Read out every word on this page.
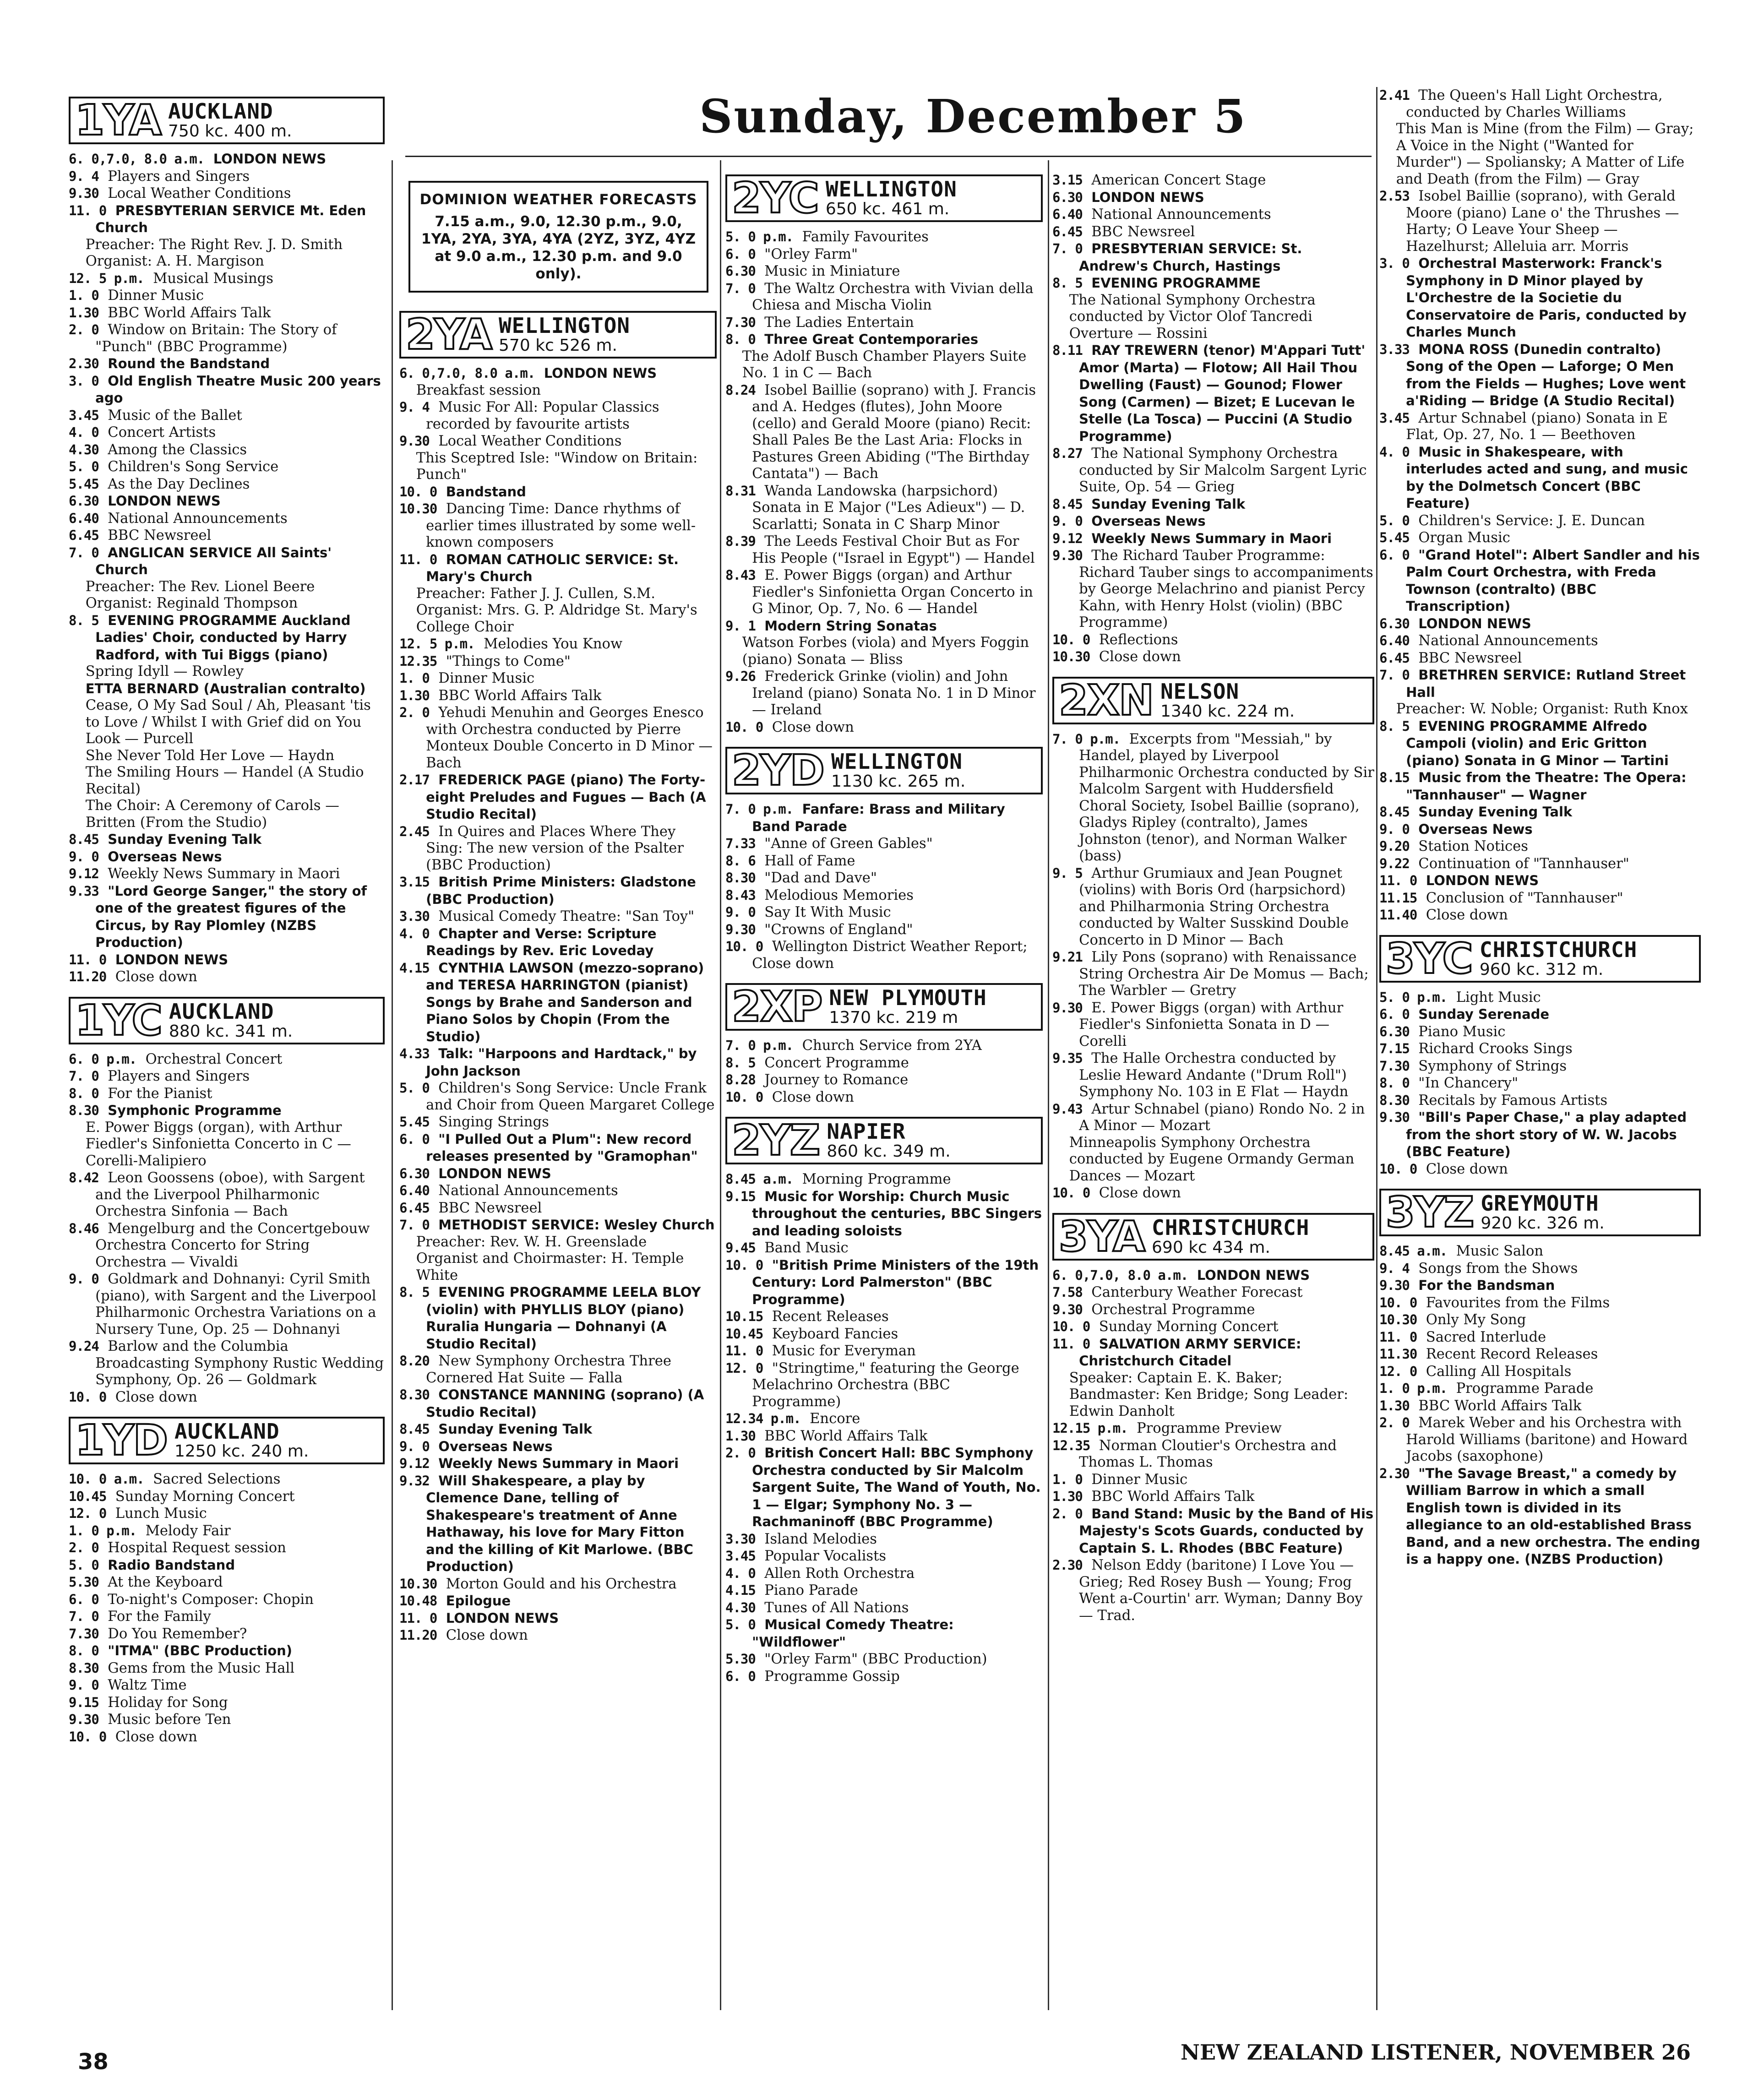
Sunday, December 5
1YA AUCKLAND
750 kc. 400 m.

6. 0,7.0, 8.0 a.m. LONDON NEWS

9. 4 Players and Singers

9.30 Local Weather Conditions

11. 0 PRESBYTERIAN SERVICE Mt. Eden Church

Preacher: The Right Rev. J. D. Smith

Organist: A. H. Margison

12. 5 p.m. Musical Musings

1. 0 Dinner Music

1.30 BBC World Affairs Talk

2. 0 Window on Britain: The Story of "Punch" (BBC Programme)

2.30 Round the Bandstand

3. 0 Old English Theatre Music 200 years ago

3.45 Music of the Ballet

4. 0 Concert Artists

4.30 Among the Classics

5. 0 Children's Song Service

5.45 As the Day Declines

6.30 LONDON NEWS

6.40 National Announcements

6.45 BBC Newsreel

7. 0 ANGLICAN SERVICE All Saints' Church

Preacher: The Rev. Lionel Beere

Organist: Reginald Thompson

8. 5 EVENING PROGRAMME Auckland Ladies' Choir, conducted by Harry Radford, with Tui Biggs (piano)

Spring Idyll — Rowley

ETTA BERNARD (Australian contralto)

Cease, O My Sad Soul / Ah, Pleasant 'tis to Love / Whilst I with Grief did on You Look — Purcell

She Never Told Her Love — Haydn

The Smiling Hours — Handel (A Studio Recital)

The Choir: A Ceremony of Carols — Britten (From the Studio)

8.45 Sunday Evening Talk

9. 0 Overseas News

9.12 Weekly News Summary in Maori

9.33 "Lord George Sanger," the story of one of the greatest figures of the Circus, by Ray Plomley (NZBS Production)

11. 0 LONDON NEWS

11.20 Close down

1YC AUCKLAND
880 kc. 341 m.

6. 0 p.m. Orchestral Concert

7. 0 Players and Singers

8. 0 For the Pianist

8.30 Symphonic Programme

E. Power Biggs (organ), with Arthur Fiedler's Sinfonietta Concerto in C — Corelli-Malipiero

8.42 Leon Goossens (oboe), with Sargent and the Liverpool Philharmonic Orchestra Sinfonia — Bach

8.46 Mengelburg and the Concertgebouw Orchestra Concerto for String Orchestra — Vivaldi

9. 0 Goldmark and Dohnanyi: Cyril Smith (piano), with Sargent and the Liverpool Philharmonic Orchestra Variations on a Nursery Tune, Op. 25 — Dohnanyi

9.24 Barlow and the Columbia Broadcasting Symphony Rustic Wedding Symphony, Op. 26 — Goldmark

10. 0 Close down

1YD AUCKLAND
1250 kc. 240 m.

10. 0 a.m. Sacred Selections

10.45 Sunday Morning Concert

12. 0 Lunch Music

1. 0 p.m. Melody Fair

2. 0 Hospital Request session

5. 0 Radio Bandstand

5.30 At the Keyboard

6. 0 To-night's Composer: Chopin

7. 0 For the Family

7.30 Do You Remember?

8. 0 "ITMA" (BBC Production)

8.30 Gems from the Music Hall

9. 0 Waltz Time

9.15 Holiday for Song

9.30 Music before Ten

10. 0 Close down

DOMINION WEATHER FORECASTS
7.15 a.m., 9.0, 12.30 p.m., 9.0, 1YA, 2YA, 3YA, 4YA (2YZ, 3YZ, 4YZ at 9.0 a.m., 12.30 p.m. and 9.0 only).
2YA WELLINGTON
570 kc 526 m.

6. 0,7.0, 8.0 a.m. LONDON NEWS

Breakfast session

9. 4 Music For All: Popular Classics recorded by favourite artists

9.30 Local Weather Conditions

This Sceptred Isle: "Window on Britain: Punch"

10. 0 Bandstand

10.30 Dancing Time: Dance rhythms of earlier times illustrated by some well-known composers

11. 0 ROMAN CATHOLIC SERVICE: St. Mary's Church

Preacher: Father J. J. Cullen, S.M.

Organist: Mrs. G. P. Aldridge St. Mary's College Choir

12. 5 p.m. Melodies You Know

12.35 "Things to Come"

1. 0 Dinner Music

1.30 BBC World Affairs Talk

2. 0 Yehudi Menuhin and Georges Enesco with Orchestra conducted by Pierre Monteux Double Concerto in D Minor — Bach

2.17 FREDERICK PAGE (piano) The Forty-eight Preludes and Fugues — Bach (A Studio Recital)

2.45 In Quires and Places Where They Sing: The new version of the Psalter (BBC Production)

3.15 British Prime Ministers: Gladstone (BBC Production)

3.30 Musical Comedy Theatre: "San Toy"

4. 0 Chapter and Verse: Scripture Readings by Rev. Eric Loveday

4.15 CYNTHIA LAWSON (mezzo-soprano) and TERESA HARRINGTON (pianist) Songs by Brahe and Sanderson and Piano Solos by Chopin (From the Studio)

4.33 Talk: "Harpoons and Hardtack," by John Jackson

5. 0 Children's Song Service: Uncle Frank and Choir from Queen Margaret College

5.45 Singing Strings

6. 0 "I Pulled Out a Plum": New record releases presented by "Gramophan"

6.30 LONDON NEWS

6.40 National Announcements

6.45 BBC Newsreel

7. 0 METHODIST SERVICE: Wesley Church

Preacher: Rev. W. H. Greenslade

Organist and Choirmaster: H. Temple White

8. 5 EVENING PROGRAMME LEELA BLOY (violin) with PHYLLIS BLOY (piano) Ruralia Hungaria — Dohnanyi (A Studio Recital)

8.20 New Symphony Orchestra Three Cornered Hat Suite — Falla

8.30 CONSTANCE MANNING (soprano) (A Studio Recital)

8.45 Sunday Evening Talk

9. 0 Overseas News

9.12 Weekly News Summary in Maori

9.32 Will Shakespeare, a play by Clemence Dane, telling of Shakespeare's treatment of Anne Hathaway, his love for Mary Fitton and the killing of Kit Marlowe. (BBC Production)

10.30 Morton Gould and his Orchestra

10.48 Epilogue

11. 0 LONDON NEWS

11.20 Close down

2YC WELLINGTON
650 kc. 461 m.

5. 0 p.m. Family Favourites

6. 0 "Orley Farm"

6.30 Music in Miniature

7. 0 The Waltz Orchestra with Vivian della Chiesa and Mischa Violin

7.30 The Ladies Entertain

8. 0 Three Great Contemporaries

The Adolf Busch Chamber Players Suite No. 1 in C — Bach

8.24 Isobel Baillie (soprano) with J. Francis and A. Hedges (flutes), John Moore (cello) and Gerald Moore (piano) Recit: Shall Pales Be the Last Aria: Flocks in Pastures Green Abiding ("The Birthday Cantata") — Bach

8.31 Wanda Landowska (harpsichord) Sonata in E Major ("Les Adieux") — D. Scarlatti; Sonata in C Sharp Minor

8.39 The Leeds Festival Choir But as For His People ("Israel in Egypt") — Handel

8.43 E. Power Biggs (organ) and Arthur Fiedler's Sinfonietta Organ Concerto in G Minor, Op. 7, No. 6 — Handel

9. 1 Modern String Sonatas

Watson Forbes (viola) and Myers Foggin (piano) Sonata — Bliss

9.26 Frederick Grinke (violin) and John Ireland (piano) Sonata No. 1 in D Minor — Ireland

10. 0 Close down

2YD WELLINGTON
1130 kc. 265 m.

7. 0 p.m. Fanfare: Brass and Military Band Parade

7.33 "Anne of Green Gables"

8. 6 Hall of Fame

8.30 "Dad and Dave"

8.43 Melodious Memories

9. 0 Say It With Music

9.30 "Crowns of England"

10. 0 Wellington District Weather Report; Close down

2XP NEW PLYMOUTH
1370 kc. 219 m

7. 0 p.m. Church Service from 2YA

8. 5 Concert Programme

8.28 Journey to Romance

10. 0 Close down

2YZ NAPIER
860 kc. 349 m.

8.45 a.m. Morning Programme

9.15 Music for Worship: Church Music throughout the centuries, BBC Singers and leading soloists

9.45 Band Music

10. 0 "British Prime Ministers of the 19th Century: Lord Palmerston" (BBC Programme)

10.15 Recent Releases

10.45 Keyboard Fancies

11. 0 Music for Everyman

12. 0 "Stringtime," featuring the George Melachrino Orchestra (BBC Programme)

12.34 p.m. Encore

1.30 BBC World Affairs Talk

2. 0 British Concert Hall: BBC Symphony Orchestra conducted by Sir Malcolm Sargent Suite, The Wand of Youth, No. 1 — Elgar; Symphony No. 3 — Rachmaninoff (BBC Programme)

3.30 Island Melodies

3.45 Popular Vocalists

4. 0 Allen Roth Orchestra

4.15 Piano Parade

4.30 Tunes of All Nations

5. 0 Musical Comedy Theatre: "Wildflower"

5.30 "Orley Farm" (BBC Production)

6. 0 Programme Gossip

3.15 American Concert Stage

6.30 LONDON NEWS

6.40 National Announcements

6.45 BBC Newsreel

7. 0 PRESBYTERIAN SERVICE: St. Andrew's Church, Hastings

8. 5 EVENING PROGRAMME

The National Symphony Orchestra conducted by Victor Olof Tancredi Overture — Rossini

8.11 RAY TREWERN (tenor) M'Appari Tutt' Amor (Marta) — Flotow; All Hail Thou Dwelling (Faust) — Gounod; Flower Song (Carmen) — Bizet; E Lucevan le Stelle (La Tosca) — Puccini (A Studio Programme)

8.27 The National Symphony Orchestra conducted by Sir Malcolm Sargent Lyric Suite, Op. 54 — Grieg

8.45 Sunday Evening Talk

9. 0 Overseas News

9.12 Weekly News Summary in Maori

9.30 The Richard Tauber Programme: Richard Tauber sings to accompaniments by George Melachrino and pianist Percy Kahn, with Henry Holst (violin) (BBC Programme)

10. 0 Reflections

10.30 Close down

2XN NELSON
1340 kc. 224 m.

7. 0 p.m. Excerpts from "Messiah," by Handel, played by Liverpool Philharmonic Orchestra conducted by Sir Malcolm Sargent with Huddersfield Choral Society, Isobel Baillie (soprano), Gladys Ripley (contralto), James Johnston (tenor), and Norman Walker (bass)

9. 5 Arthur Grumiaux and Jean Pougnet (violins) with Boris Ord (harpsichord) and Philharmonia String Orchestra conducted by Walter Susskind Double Concerto in D Minor — Bach

9.21 Lily Pons (soprano) with Renaissance String Orchestra Air De Momus — Bach; The Warbler — Gretry

9.30 E. Power Biggs (organ) with Arthur Fiedler's Sinfonietta Sonata in D — Corelli

9.35 The Halle Orchestra conducted by Leslie Heward Andante ("Drum Roll") Symphony No. 103 in E Flat — Haydn

9.43 Artur Schnabel (piano) Rondo No. 2 in A Minor — Mozart

Minneapolis Symphony Orchestra conducted by Eugene Ormandy German Dances — Mozart

10. 0 Close down

3YA CHRISTCHURCH
690 kc 434 m.

6. 0,7.0, 8.0 a.m. LONDON NEWS

7.58 Canterbury Weather Forecast

9.30 Orchestral Programme

10. 0 Sunday Morning Concert

11. 0 SALVATION ARMY SERVICE: Christchurch Citadel

Speaker: Captain E. K. Baker; Bandmaster: Ken Bridge; Song Leader: Edwin Danholt

12.15 p.m. Programme Preview

12.35 Norman Cloutier's Orchestra and Thomas L. Thomas

1. 0 Dinner Music

1.30 BBC World Affairs Talk

2. 0 Band Stand: Music by the Band of His Majesty's Scots Guards, conducted by Captain S. L. Rhodes (BBC Feature)

2.30 Nelson Eddy (baritone) I Love You — Grieg; Red Rosey Bush — Young; Frog Went a-Courtin' arr. Wyman; Danny Boy — Trad.

2.41 The Queen's Hall Light Orchestra, conducted by Charles Williams

This Man is Mine (from the Film) — Gray; A Voice in the Night ("Wanted for Murder") — Spoliansky; A Matter of Life and Death (from the Film) — Gray

2.53 Isobel Baillie (soprano), with Gerald Moore (piano) Lane o' the Thrushes — Harty; O Leave Your Sheep — Hazelhurst; Alleluia arr. Morris

3. 0 Orchestral Masterwork: Franck's Symphony in D Minor played by L'Orchestre de la Societie du Conservatoire de Paris, conducted by Charles Munch

3.33 MONA ROSS (Dunedin contralto) Song of the Open — Laforge; O Men from the Fields — Hughes; Love went a'Riding — Bridge (A Studio Recital)

3.45 Artur Schnabel (piano) Sonata in E Flat, Op. 27, No. 1 — Beethoven

4. 0 Music in Shakespeare, with interludes acted and sung, and music by the Dolmetsch Concert (BBC Feature)

5. 0 Children's Service: J. E. Duncan

5.45 Organ Music

6. 0 "Grand Hotel": Albert Sandler and his Palm Court Orchestra, with Freda Townson (contralto) (BBC Transcription)

6.30 LONDON NEWS

6.40 National Announcements

6.45 BBC Newsreel

7. 0 BRETHREN SERVICE: Rutland Street Hall

Preacher: W. Noble; Organist: Ruth Knox

8. 5 EVENING PROGRAMME Alfredo Campoli (violin) and Eric Gritton (piano) Sonata in G Minor — Tartini

8.15 Music from the Theatre: The Opera: "Tannhauser" — Wagner

8.45 Sunday Evening Talk

9. 0 Overseas News

9.20 Station Notices

9.22 Continuation of "Tannhauser"

11. 0 LONDON NEWS

11.15 Conclusion of "Tannhauser"

11.40 Close down

3YC CHRISTCHURCH
960 kc. 312 m.

5. 0 p.m. Light Music

6. 0 Sunday Serenade

6.30 Piano Music

7.15 Richard Crooks Sings

7.30 Symphony of Strings

8. 0 "In Chancery"

8.30 Recitals by Famous Artists

9.30 "Bill's Paper Chase," a play adapted from the short story of W. W. Jacobs (BBC Feature)

10. 0 Close down

3YZ GREYMOUTH
920 kc. 326 m.

8.45 a.m. Music Salon

9. 4 Songs from the Shows

9.30 For the Bandsman

10. 0 Favourites from the Films

10.30 Only My Song

11. 0 Sacred Interlude

11.30 Recent Record Releases

12. 0 Calling All Hospitals

1. 0 p.m. Programme Parade

1.30 BBC World Affairs Talk

2. 0 Marek Weber and his Orchestra with Harold Williams (baritone) and Howard Jacobs (saxophone)

2.30 "The Savage Breast," a comedy by William Barrow in which a small English town is divided in its allegiance to an old-established Brass Band, and a new orchestra. The ending is a happy one. (NZBS Production)

38	NEW ZEALAND LISTENER, NOVEMBER 26
